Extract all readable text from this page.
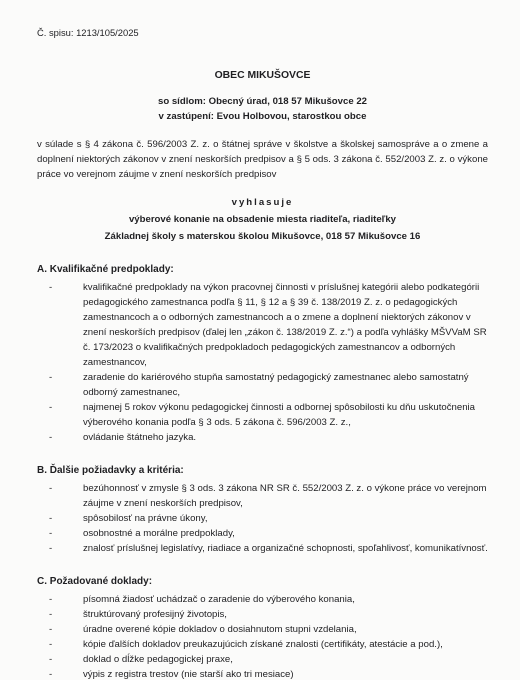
Č. spisu: 1213/105/2025
OBEC MIKUŠOVCE
so sídlom: Obecný úrad, 018 57 Mikušovce 22
v zastúpení: Evou Holbovou, starostkou obce
v súlade s § 4 zákona č. 596/2003 Z. z. o štátnej správe v školstve a školskej samospráve a o zmene a doplnení niektorých zákonov v znení neskorších predpisov a § 5 ods. 3 zákona č. 552/2003 Z. z. o výkone práce vo verejnom záujme v znení neskorších predpisov
vyhlasuje
výberové konanie na obsadenie miesta riaditeľa, riaditeľky
Základnej školy s materskou školou Mikušovce, 018 57 Mikušovce 16
A. Kvalifikačné predpoklady:
-	kvalifikačné predpoklady na výkon pracovnej činnosti v príslušnej kategórii alebo podkategórii pedagogického zamestnanca podľa § 11, § 12 a § 39 č. 138/2019 Z. z. o pedagogických zamestnancoch a o odborných zamestnancoch a o zmene a doplnení niektorých zákonov v znení neskorších predpisov (ďalej len „zákon č. 138/2019 Z. z.“) a podľa vyhlášky MŠVVaM SR č. 173/2023 o kvalifikačných predpokladoch pedagogických zamestnancov a odborných zamestnancov,
-	zaradenie do kariérového stupňa samostatný pedagogický zamestnanec alebo samostatný odborný zamestnanec,
-	najmenej 5 rokov výkonu pedagogickej činnosti a odbornej spôsobilosti ku dňu uskutočnenia výberového konania podľa § 3 ods. 5 zákona č. 596/2003 Z. z.,
-	ovládanie štátneho jazyka.
B. Ďalšie požiadavky a kritéria:
-	bezúhonnosť v zmysle § 3 ods. 3 zákona NR SR č. 552/2003 Z. z. o výkone práce vo verejnom záujme v znení neskorších predpisov,
-	spôsobilosť na právne úkony,
-	osobnostné a morálne predpoklady,
-	znalosť príslušnej legislatívy, riadiace a organizačné schopnosti, spoľahlivosť, komunikatívnosť.
C. Požadované doklady:
-	písomná žiadosť uchádzač o zaradenie do výberového konania,
-	štruktúrovaný profesijný životopis,
-	úradne overené kópie dokladov o dosiahnutom stupni vzdelania,
-	kópie ďalších dokladov preukazujúcich získané znalosti (certifikáty, atestácie a pod.),
-	doklad o dĺžke pedagogickej praxe,
-	výpis z registra trestov (nie starší ako tri mesiace)
